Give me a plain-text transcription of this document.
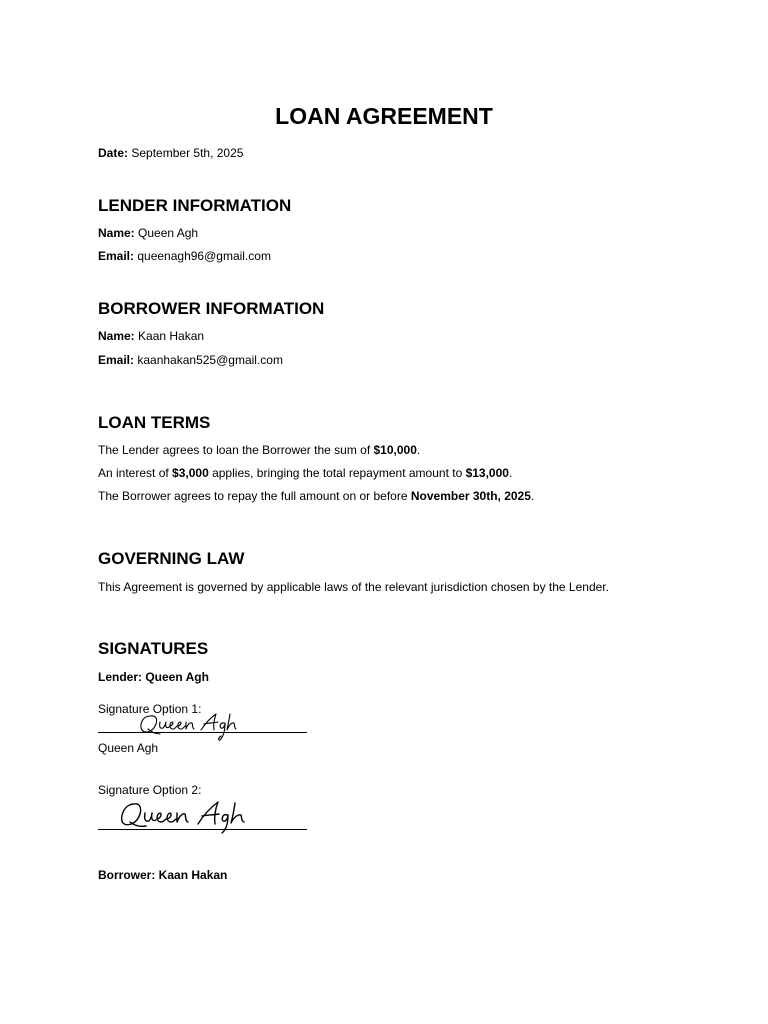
LOAN AGREEMENT

Date: September 5th, 2025

LENDER INFORMATION

Name: Queen Agh

Email: queenagh96@gmail.com

BORROWER INFORMATION

Name: Kaan Hakan

Email: kaanhakan525@gmail.com

LOAN TERMS

The Lender agrees to loan the Borrower the sum of $10,000.

An interest of $3,000 applies, bringing the total repayment amount to $13,000.

The Borrower agrees to repay the full amount on or before November 30th, 2025.

GOVERNING LAW

This Agreement is governed by applicable laws of the relevant jurisdiction chosen by the Lender.

SIGNATURES

Lender: Queen Agh

Signature Option 1:

Queen Agh

Signature Option 2:

Borrower: Kaan Hakan
